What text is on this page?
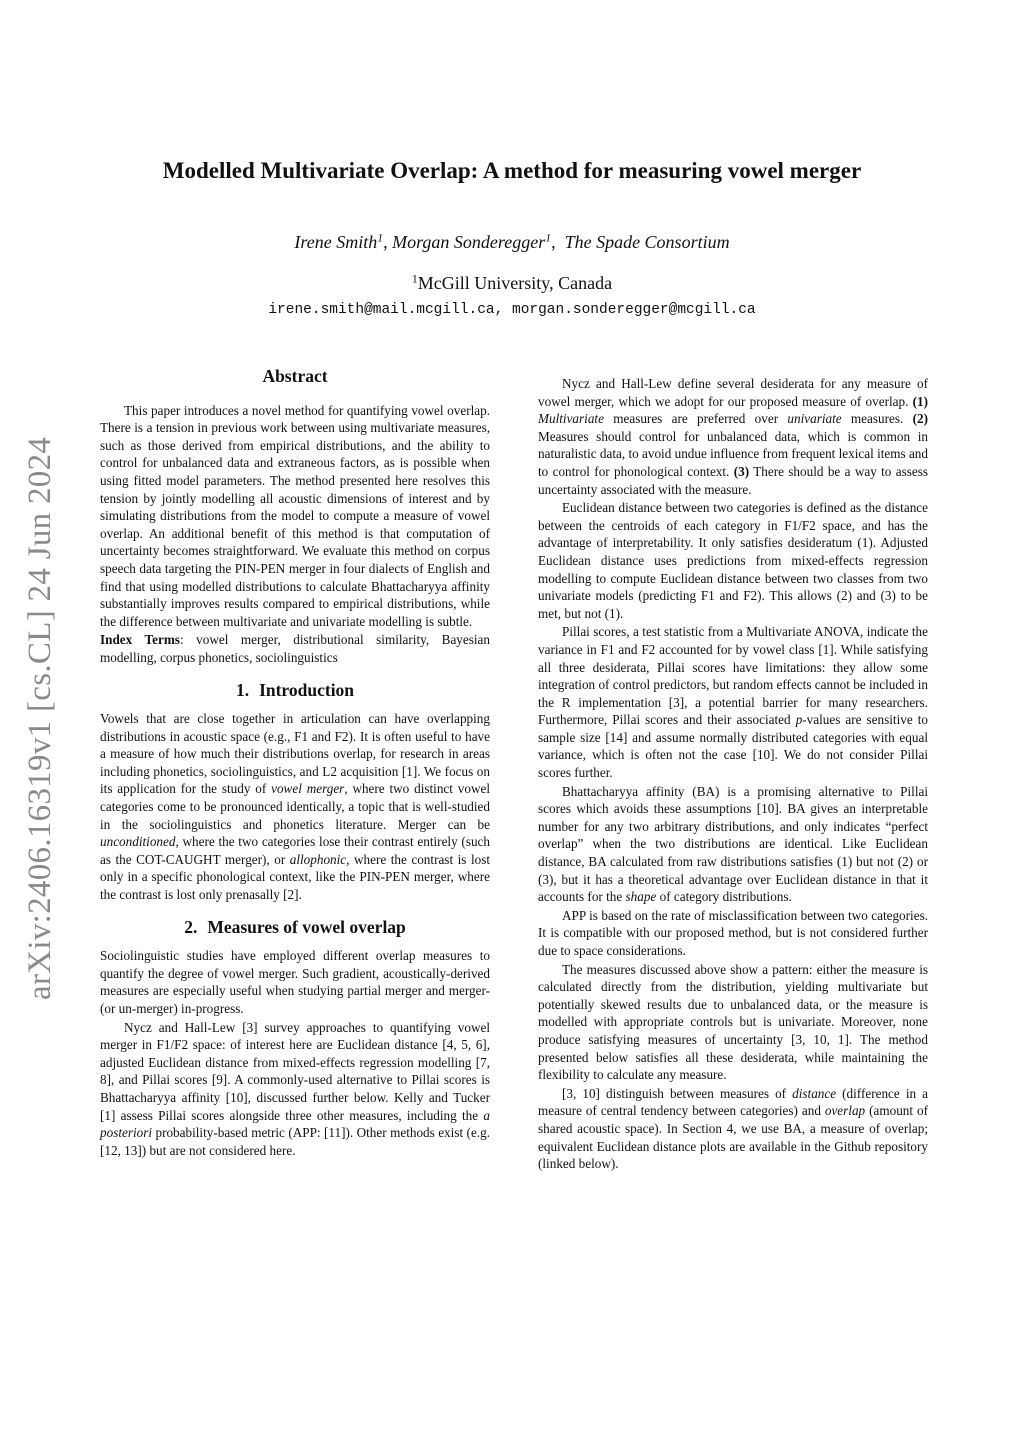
arXiv:2406.16319v1 [cs.CL] 24 Jun 2024
Modelled Multivariate Overlap: A method for measuring vowel merger
Irene Smith$^1$, Morgan Sonderegger$^1$,  The Spade Consortium
$^1$McGill University, Canada
irene.smith@mail.mcgill.ca, morgan.sonderegger@mcgill.ca
Abstract

This paper introduces a novel method for quantifying vowel overlap. There is a tension in previous work between using multivariate measures, such as those derived from empirical distributions, and the ability to control for unbalanced data and extraneous factors, as is possible when using fitted model parameters. The method presented here resolves this tension by jointly modelling all acoustic dimensions of interest and by simulating distributions from the model to compute a measure of vowel overlap. An additional benefit of this method is that computation of uncertainty becomes straightforward. We evaluate this method on corpus speech data targeting the PIN-PEN merger in four dialects of English and find that using modelled distributions to calculate Bhattacharyya affinity substantially improves results compared to empirical distributions, while the difference between multivariate and univariate modelling is subtle.

Index Terms: vowel merger, distributional similarity, Bayesian modelling, corpus phonetics, sociolinguistics

1. Introduction

Vowels that are close together in articulation can have overlapping distributions in acoustic space (e.g., F1 and F2). It is often useful to have a measure of how much their distributions overlap, for research in areas including phonetics, sociolinguistics, and L2 acquisition [1]. We focus on its application for the study of vowel merger, where two distinct vowel categories come to be pronounced identically, a topic that is well-studied in the sociolinguistics and phonetics literature. Merger can be unconditioned, where the two categories lose their contrast entirely (such as the COT-CAUGHT merger), or allophonic, where the contrast is lost only in a specific phonological context, like the PIN-PEN merger, where the contrast is lost only prenasally [2].

2. Measures of vowel overlap

Sociolinguistic studies have employed different overlap measures to quantify the degree of vowel merger. Such gradient, acoustically-derived measures are especially useful when studying partial merger and merger- (or un-merger) in-progress.

Nycz and Hall-Lew [3] survey approaches to quantifying vowel merger in F1/F2 space: of interest here are Euclidean distance [4, 5, 6], adjusted Euclidean distance from mixed-effects regression modelling [7, 8], and Pillai scores [9]. A commonly-used alternative to Pillai scores is Bhattacharyya affinity [10], discussed further below. Kelly and Tucker [1] assess Pillai scores alongside three other measures, including the a posteriori probability-based metric (APP: [11]). Other methods exist (e.g. [12, 13]) but are not considered here.

Nycz and Hall-Lew define several desiderata for any measure of vowel merger, which we adopt for our proposed measure of overlap. (1) Multivariate measures are preferred over univariate measures. (2) Measures should control for unbalanced data, which is common in naturalistic data, to avoid undue influence from frequent lexical items and to control for phonological context. (3) There should be a way to assess uncertainty associated with the measure.

Euclidean distance between two categories is defined as the distance between the centroids of each category in F1/F2 space, and has the advantage of interpretability. It only satisfies desideratum (1). Adjusted Euclidean distance uses predictions from mixed-effects regression modelling to compute Euclidean distance between two classes from two univariate models (predicting F1 and F2). This allows (2) and (3) to be met, but not (1).

Pillai scores, a test statistic from a Multivariate ANOVA, indicate the variance in F1 and F2 accounted for by vowel class [1]. While satisfying all three desiderata, Pillai scores have limitations: they allow some integration of control predictors, but random effects cannot be included in the R implementation [3], a potential barrier for many researchers. Furthermore, Pillai scores and their associated p-values are sensitive to sample size [14] and assume normally distributed categories with equal variance, which is often not the case [10]. We do not consider Pillai scores further.

Bhattacharyya affinity (BA) is a promising alternative to Pillai scores which avoids these assumptions [10]. BA gives an interpretable number for any two arbitrary distributions, and only indicates “perfect overlap” when the two distributions are identical. Like Euclidean distance, BA calculated from raw distributions satisfies (1) but not (2) or (3), but it has a theoretical advantage over Euclidean distance in that it accounts for the shape of category distributions.

APP is based on the rate of misclassification between two categories. It is compatible with our proposed method, but is not considered further due to space considerations.

The measures discussed above show a pattern: either the measure is calculated directly from the distribution, yielding multivariate but potentially skewed results due to unbalanced data, or the measure is modelled with appropriate controls but is univariate. Moreover, none produce satisfying measures of uncertainty [3, 10, 1]. The method presented below satisfies all these desiderata, while maintaining the flexibility to calculate any measure.

[3, 10] distinguish between measures of distance (difference in a measure of central tendency between categories) and overlap (amount of shared acoustic space). In Section 4, we use BA, a measure of overlap; equivalent Euclidean distance plots are available in the Github repository (linked below).
